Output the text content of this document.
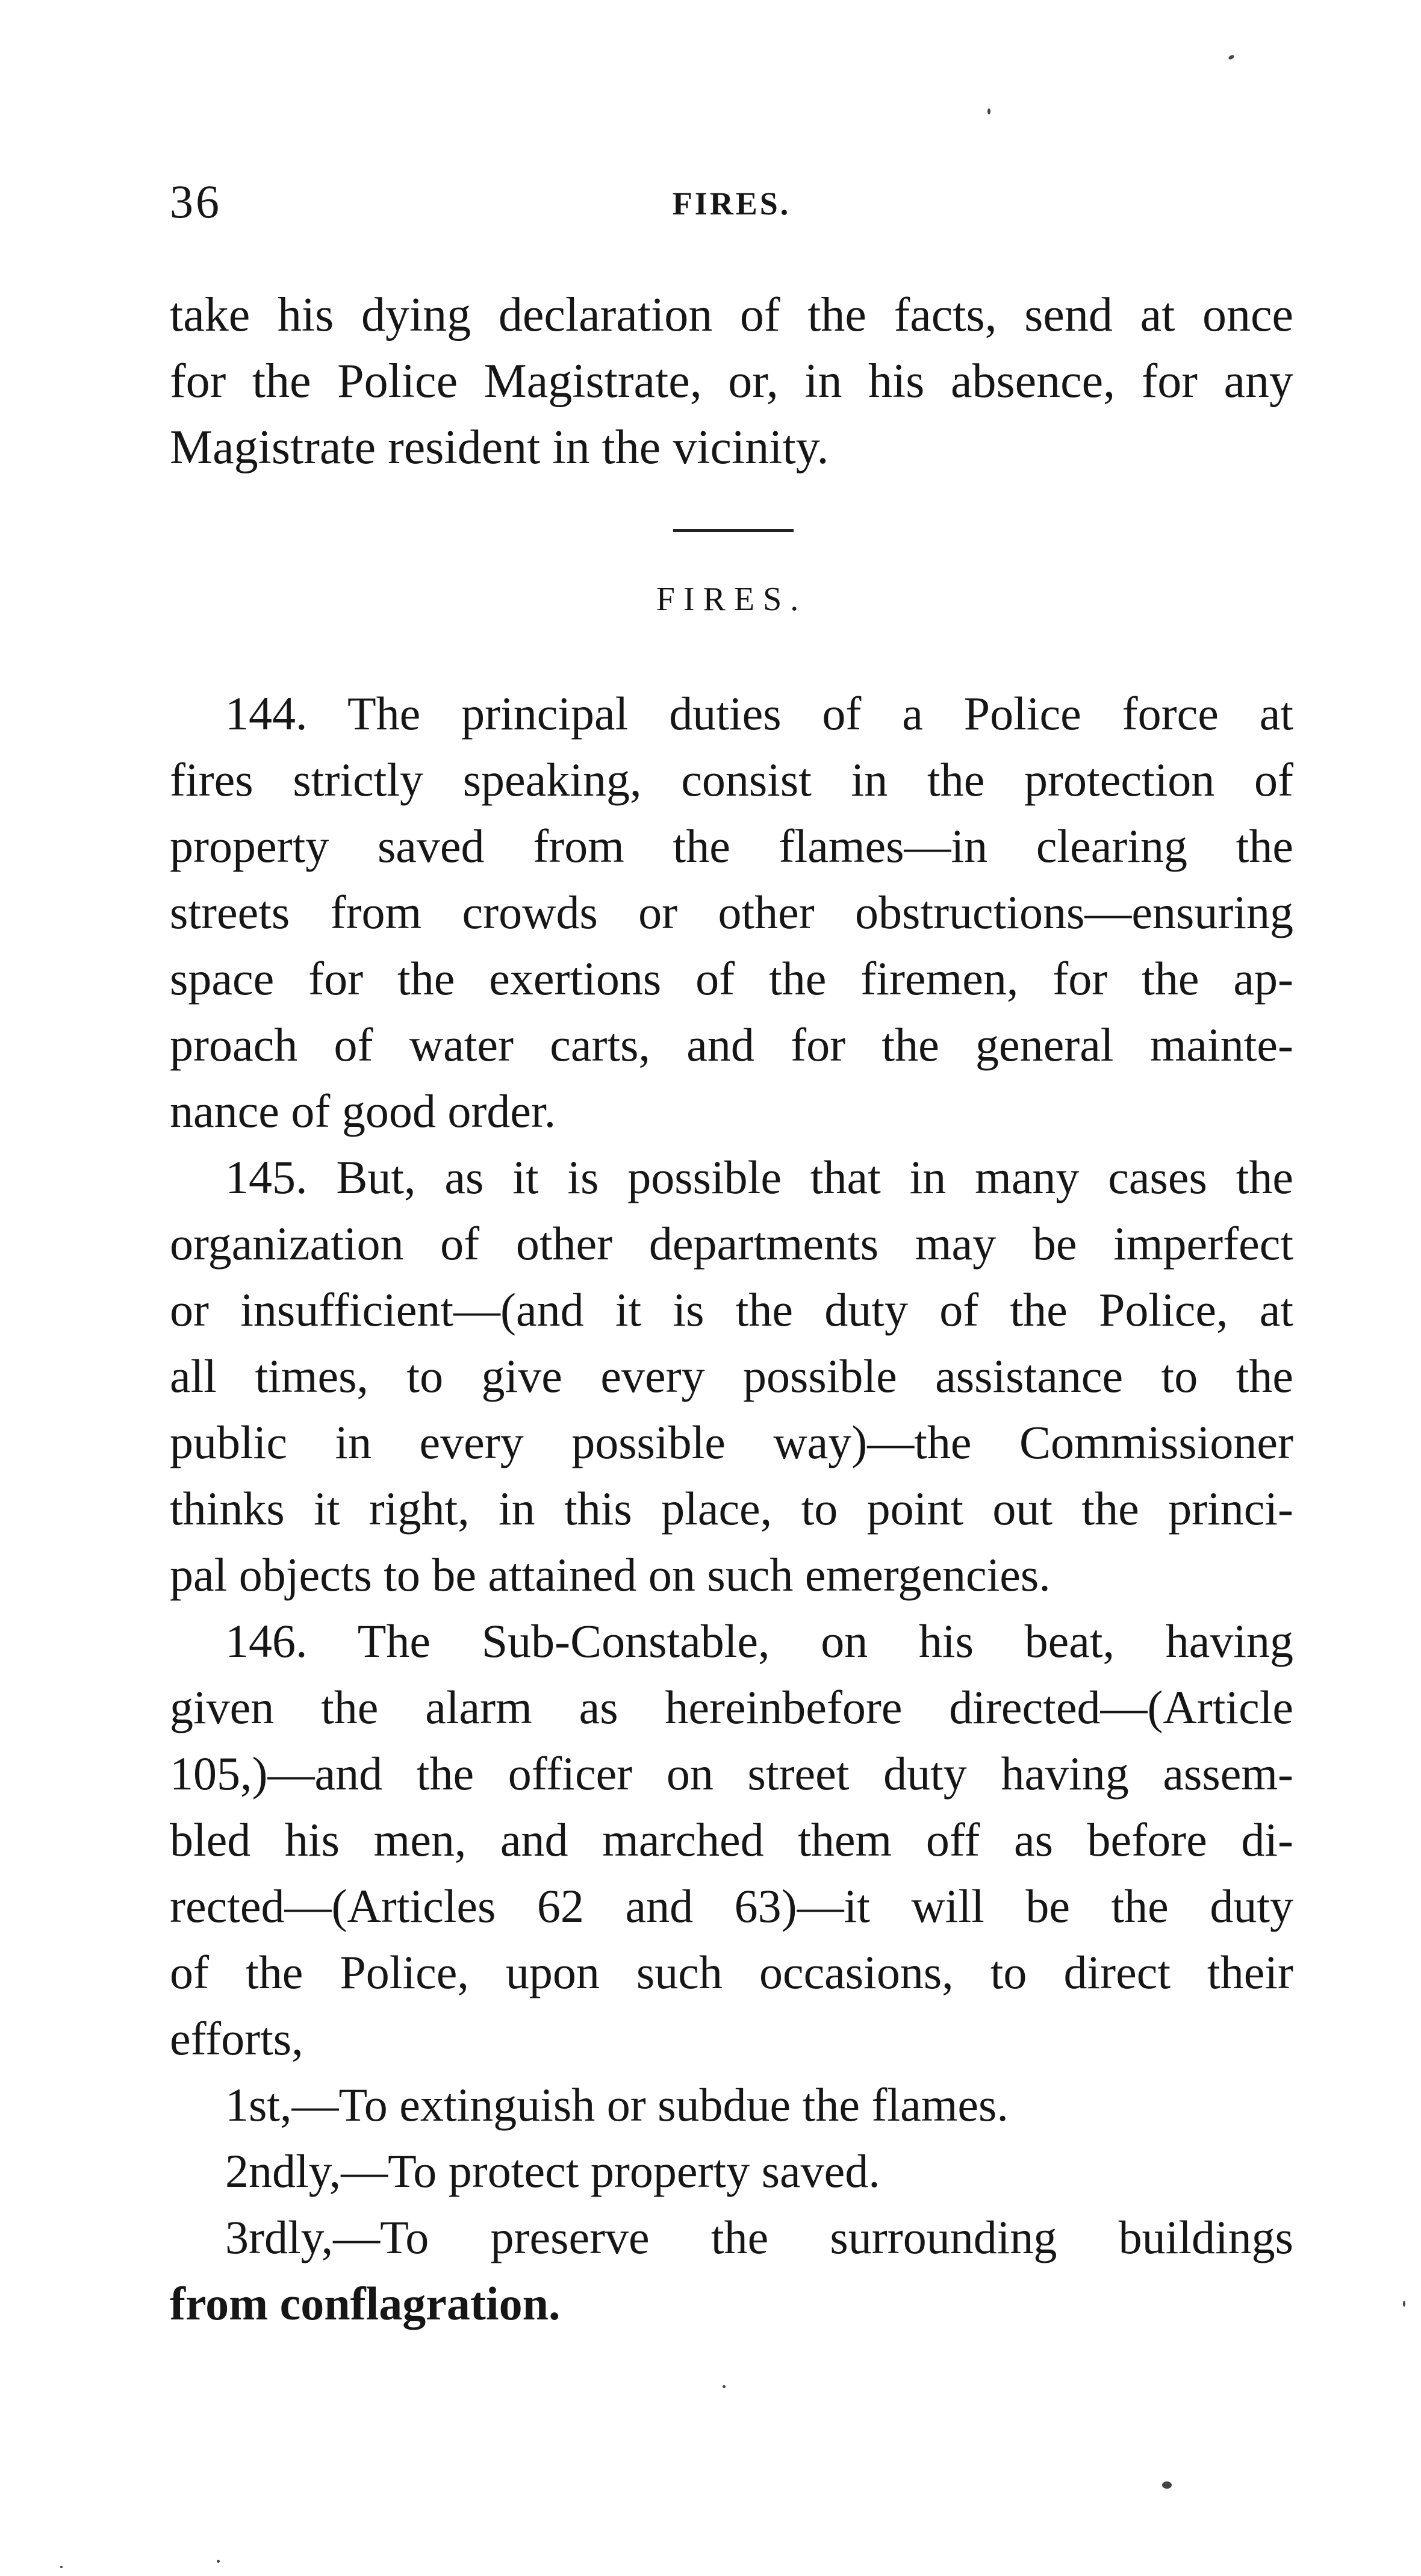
36	FIRES.
take his dying declaration of the facts, send at once
for the Police Magistrate, or, in his absence, for any
Magistrate resident in the vicinity.
FIRES.
144. The principal duties of a Police force at
fires strictly speaking, consist in the protection of
property saved from the flames—in clearing the
streets from crowds or other obstructions—ensuring
space for the exertions of the firemen, for the ap-
proach of water carts, and for the general mainte-
nance of good order.
145. But, as it is possible that in many cases the
organization of other departments may be imperfect
or insufficient—(and it is the duty of the Police, at
all times, to give every possible assistance to the
public in every possible way)—the Commissioner
thinks it right, in this place, to point out the princi-
pal objects to be attained on such emergencies.
146. The Sub-Constable, on his beat, having
given the alarm as hereinbefore directed—(Article
105,)—and the officer on street duty having assem-
bled his men, and marched them off as before di-
rected—(Articles 62 and 63)—it will be the duty
of the Police, upon such occasions, to direct their
efforts,
1st,—To extinguish or subdue the flames.
2ndly,—To protect property saved.
3rdly,—To preserve the surrounding buildings
from conflagration.
